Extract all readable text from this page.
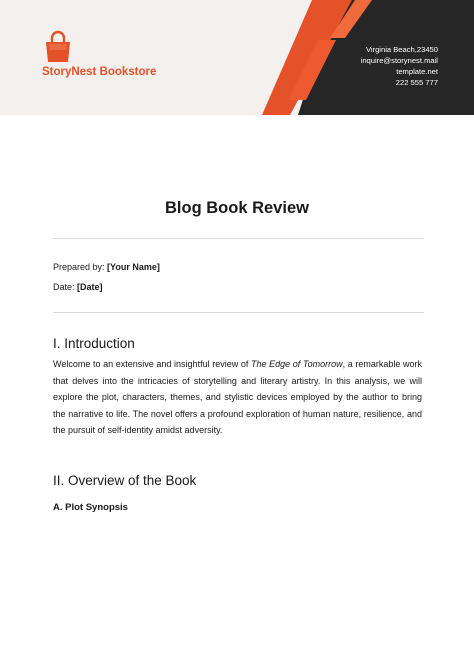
StoryNest Bookstore
Virginia Beach,23450
inquire@storynest.mail
template.net
222 555 777
Blog Book Review
Prepared by: [Your Name]
Date: [Date]
I. Introduction

Welcome to an extensive and insightful review of The Edge of Tomorrow, a remarkable work that delves into the intricacies of storytelling and literary artistry. In this analysis, we will explore the plot, characters, themes, and stylistic devices employed by the author to bring the narrative to life. The novel offers a profound exploration of human nature, resilience, and the pursuit of self-identity amidst adversity.

II. Overview of the Book
A. Plot Synopsis
